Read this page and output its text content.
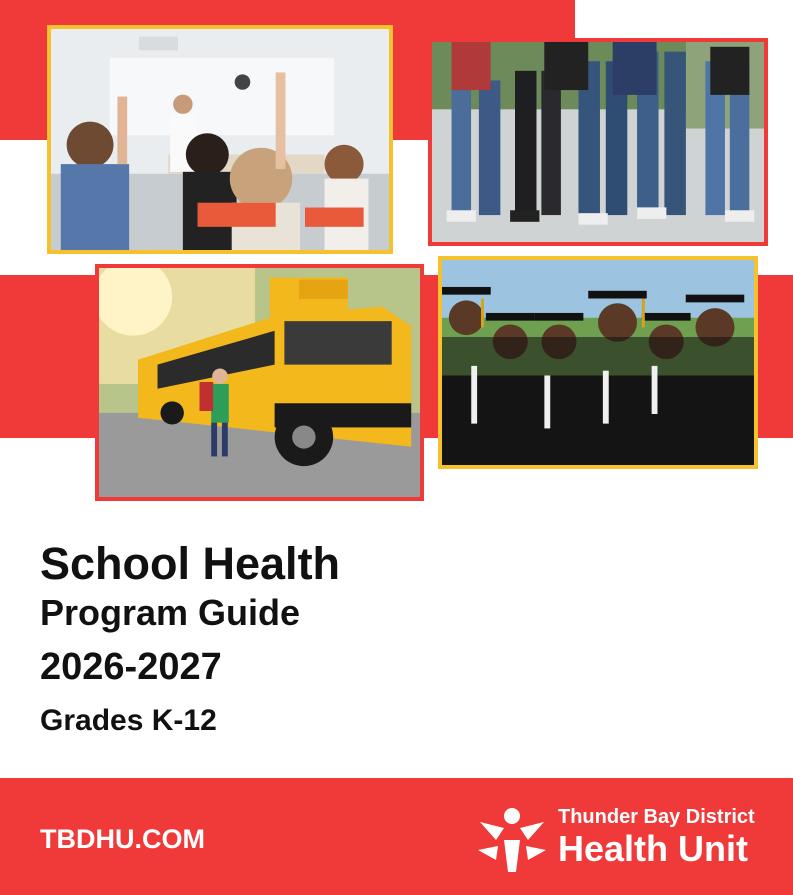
School Health
Program Guide
2026-2027
Grades K-12
TBDHU.COM
Thunder Bay District
Health Unit
